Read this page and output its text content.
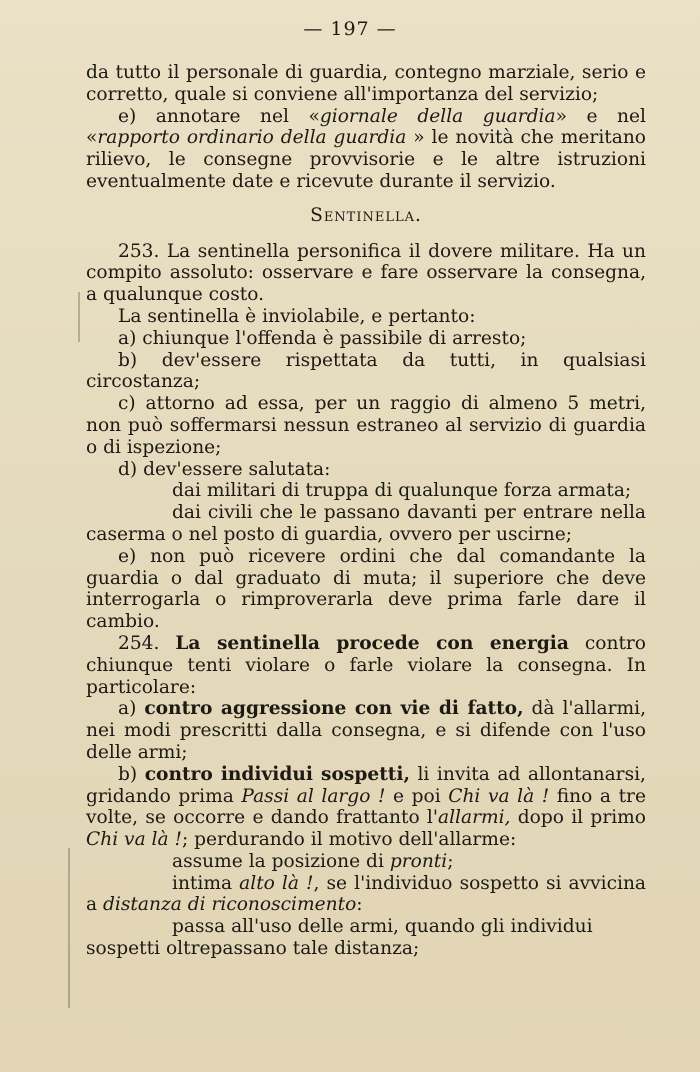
— 197 —

da tutto il personale di guardia, contegno marziale, serio e corretto, quale si conviene all'importanza del servizio;

e) annotare nel «giornale della guardia» e nel «rapporto ordinario della guardia » le novità che meritano rilievo, le consegne provvisorie e le altre istruzioni eventualmente date e ricevute durante il servizio.

Sentinella.

253. La sentinella personifica il dovere militare. Ha un compito assoluto: osservare e fare osservare la consegna, a qualunque costo.

La sentinella è inviolabile, e pertanto:

a) chiunque l'offenda è passibile di arresto;

b) dev'essere rispettata da tutti, in qualsiasi circostanza;

c) attorno ad essa, per un raggio di almeno 5 metri, non può soffermarsi nessun estraneo al servizio di guardia o di ispezione;

d) dev'essere salutata:

dai militari di truppa di qualunque forza armata;

dai civili che le passano davanti per entrare nella caserma o nel posto di guardia, ovvero per uscirne;

e) non può ricevere ordini che dal comandante la guardia o dal graduato di muta; il superiore che deve interrogarla o rimproverarla deve prima farle dare il cambio.

254. La sentinella procede con energia contro chiunque tenti violare o farle violare la consegna. In particolare:

a) contro aggressione con vie di fatto, dà l'allarmi, nei modi prescritti dalla consegna, e si difende con l'uso delle armi;

b) contro individui sospetti, li invita ad allontanarsi, gridando prima Passi al largo ! e poi Chi va là ! fino a tre volte, se occorre e dando frattanto l'allarmi, dopo il primo Chi va là !; perdurando il motivo dell'allarme:

assume la posizione di pronti;

intima alto là !, se l'individuo sospetto si avvicina a distanza di riconoscimento:

passa all'uso delle armi, quando gli individui sospetti oltrepassano tale distanza;
